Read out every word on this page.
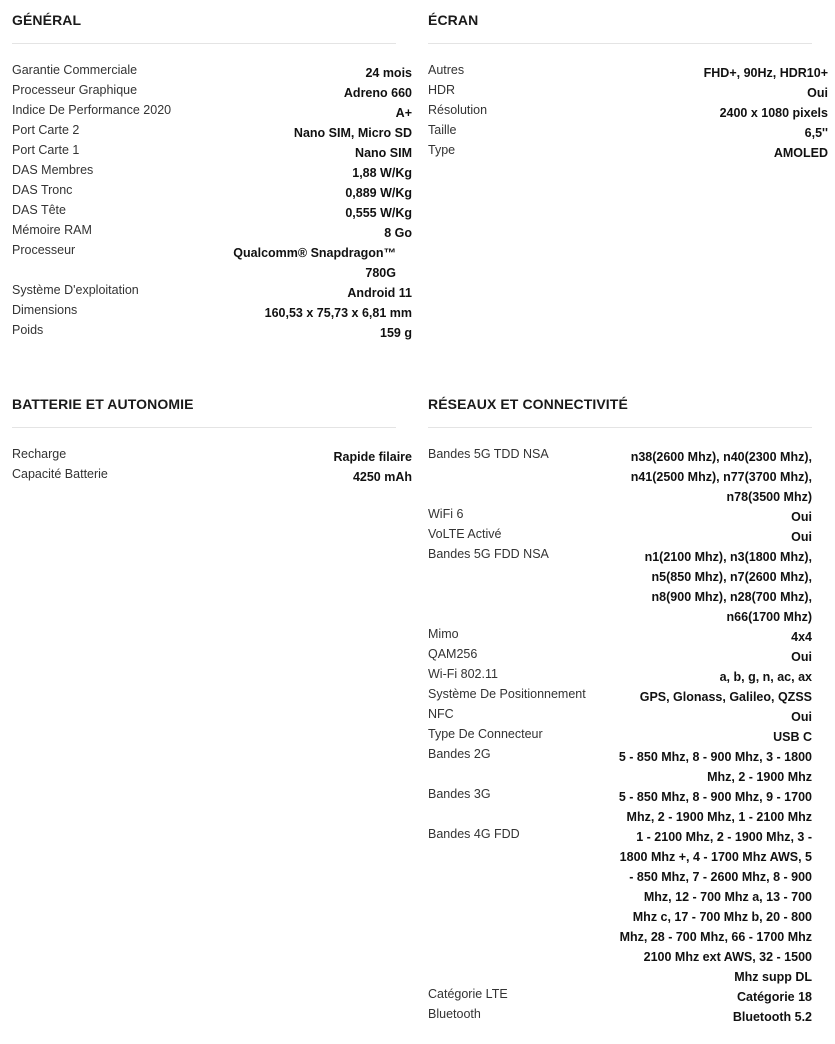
GÉNÉRAL
Garantie Commerciale	24 mois
Processeur Graphique	Adreno 660
Indice De Performance 2020	A+
Port Carte 2	Nano SIM, Micro SD
Port Carte 1	Nano SIM
DAS Membres	1,88 W/Kg
DAS Tronc	0,889 W/Kg
DAS Tête	0,555 W/Kg
Mémoire RAM	8 Go
Processeur	Qualcomm® Snapdragon™ 780G
Système D'exploitation	Android 11
Dimensions	160,53 x 75,73 x 6,81 mm
Poids	159 g
ÉCRAN
Autres	FHD+, 90Hz, HDR10+
HDR	Oui
Résolution	2400 x 1080 pixels
Taille	6,5''
Type	AMOLED
BATTERIE ET AUTONOMIE
Recharge	Rapide filaire
Capacité Batterie	4250 mAh
RÉSEAUX ET CONNECTIVITÉ
Bandes 5G TDD NSA	n38(2600 Mhz), n40(2300 Mhz), n41(2500 Mhz), n77(3700 Mhz), n78(3500 Mhz)
WiFi 6	Oui
VoLTE Activé	Oui
Bandes 5G FDD NSA	n1(2100 Mhz), n3(1800 Mhz), n5(850 Mhz), n7(2600 Mhz), n8(900 Mhz), n28(700 Mhz), n66(1700 Mhz)
Mimo	4x4
QAM256	Oui
Wi-Fi 802.11	a, b, g, n, ac, ax
Système De Positionnement	GPS, Glonass, Galileo, QZSS
NFC	Oui
Type De Connecteur	USB C
Bandes 2G	5 - 850 Mhz, 8 - 900 Mhz, 3 - 1800 Mhz, 2 - 1900 Mhz
Bandes 3G	5 - 850 Mhz, 8 - 900 Mhz, 9 - 1700 Mhz, 2 - 1900 Mhz, 1 - 2100 Mhz
Bandes 4G FDD	1 - 2100 Mhz, 2 - 1900 Mhz, 3 - 1800 Mhz +, 4 - 1700 Mhz AWS, 5 - 850 Mhz, 7 - 2600 Mhz, 8 - 900 Mhz, 12 - 700 Mhz a, 13 - 700 Mhz c, 17 - 700 Mhz b, 20 - 800 Mhz, 28 - 700 Mhz, 66 - 1700 Mhz 2100 Mhz ext AWS, 32 - 1500 Mhz supp DL
Catégorie LTE	Catégorie 18
Bluetooth	Bluetooth 5.2
